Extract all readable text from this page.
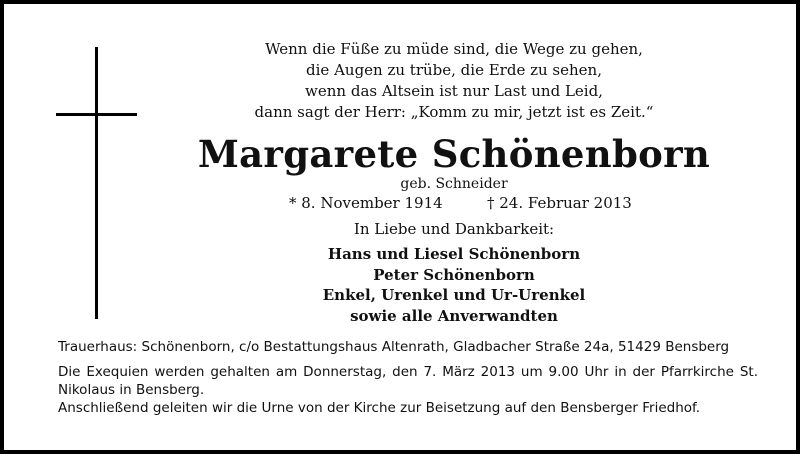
Wenn die Füße zu müde sind, die Wege zu gehen,
die Augen zu trübe, die Erde zu sehen,
wenn das Altsein ist nur Last und Leid,
dann sagt der Herr: „Komm zu mir, jetzt ist es Zeit.“
Margarete Schönenborn
geb. Schneider
* 8. November 1914	† 24. Februar 2013
In Liebe und Dankbarkeit:
Hans und Liesel Schönenborn
Peter Schönenborn
Enkel, Urenkel und Ur-Urenkel
sowie alle Anverwandten
Trauerhaus: Schönenborn, c/o Bestattungshaus Altenrath, Gladbacher Straße 24a, 51429 Bensberg
Die Exequien werden gehalten am Donnerstag, den 7. März 2013 um 9.00 Uhr in der Pfarrkirche St. Nikolaus in Bensberg.
Anschließend geleiten wir die Urne von der Kirche zur Beisetzung auf den Bensberger Friedhof.
